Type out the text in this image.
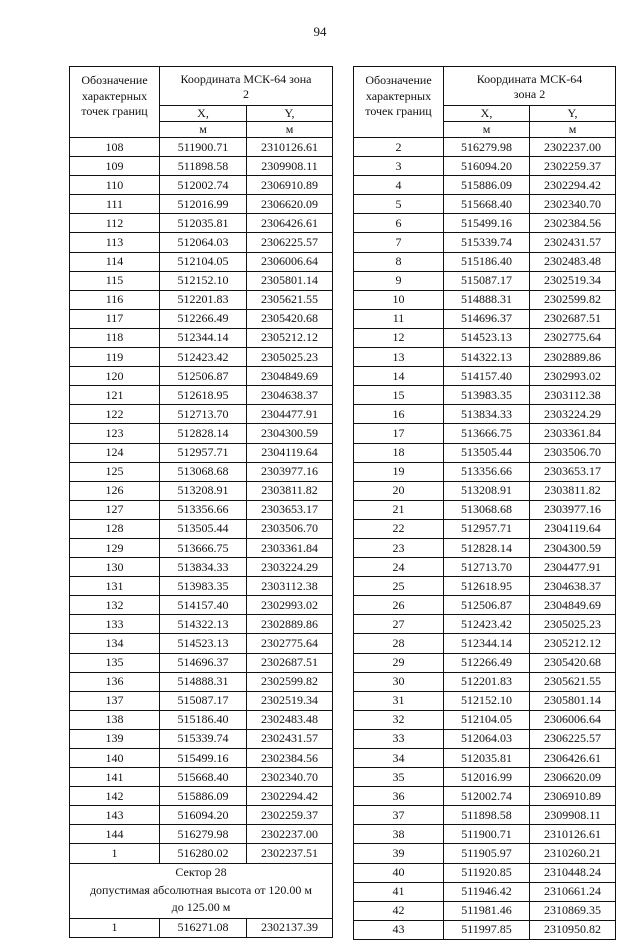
94
Обозначение характерных точек границ	Координата МСК-64 зона 2	
	X,	Y,
	м	м
108	511900.71	2310126.61
109	511898.58	2309908.11
110	512002.74	2306910.89
111	512016.99	2306620.09
112	512035.81	2306426.61
113	512064.03	2306225.57
114	512104.05	2306006.64
115	512152.10	2305801.14
116	512201.83	2305621.55
117	512266.49	2305420.68
118	512344.14	2305212.12
119	512423.42	2305025.23
120	512506.87	2304849.69
121	512618.95	2304638.37
122	512713.70	2304477.91
123	512828.14	2304300.59
124	512957.71	2304119.64
125	513068.68	2303977.16
126	513208.91	2303811.82
127	513356.66	2303653.17
128	513505.44	2303506.70
129	513666.75	2303361.84
130	513834.33	2303224.29
131	513983.35	2303112.38
132	514157.40	2302993.02
133	514322.13	2302889.86
134	514523.13	2302775.64
135	514696.37	2302687.51
136	514888.31	2302599.82
137	515087.17	2302519.34
138	515186.40	2302483.48
139	515339.74	2302431.57
140	515499.16	2302384.56
141	515668.40	2302340.70
142	515886.09	2302294.42
143	516094.20	2302259.37
144	516279.98	2302237.00
1	516280.02	2302237.51

Сектор 28
допустимая абсолютная высота от 120.00 м
до 125.00 м		

1	516271.08	2302137.39
Обозначение характерных точек границ	Координата МСК-64 зона 2	
	X,	Y,
	м	м
2	516279.98	2302237.00
3	516094.20	2302259.37
4	515886.09	2302294.42
5	515668.40	2302340.70
6	515499.16	2302384.56
7	515339.74	2302431.57
8	515186.40	2302483.48
9	515087.17	2302519.34
10	514888.31	2302599.82
11	514696.37	2302687.51
12	514523.13	2302775.64
13	514322.13	2302889.86
14	514157.40	2302993.02
15	513983.35	2303112.38
16	513834.33	2303224.29
17	513666.75	2303361.84
18	513505.44	2303506.70
19	513356.66	2303653.17
20	513208.91	2303811.82
21	513068.68	2303977.16
22	512957.71	2304119.64
23	512828.14	2304300.59
24	512713.70	2304477.91
25	512618.95	2304638.37
26	512506.87	2304849.69
27	512423.42	2305025.23
28	512344.14	2305212.12
29	512266.49	2305420.68
30	512201.83	2305621.55
31	512152.10	2305801.14
32	512104.05	2306006.64
33	512064.03	2306225.57
34	512035.81	2306426.61
35	512016.99	2306620.09
36	512002.74	2306910.89
37	511898.58	2309908.11
38	511900.71	2310126.61
39	511905.97	2310260.21
40	511920.85	2310448.24
41	511946.42	2310661.24
42	511981.46	2310869.35
43	511997.85	2310950.82
